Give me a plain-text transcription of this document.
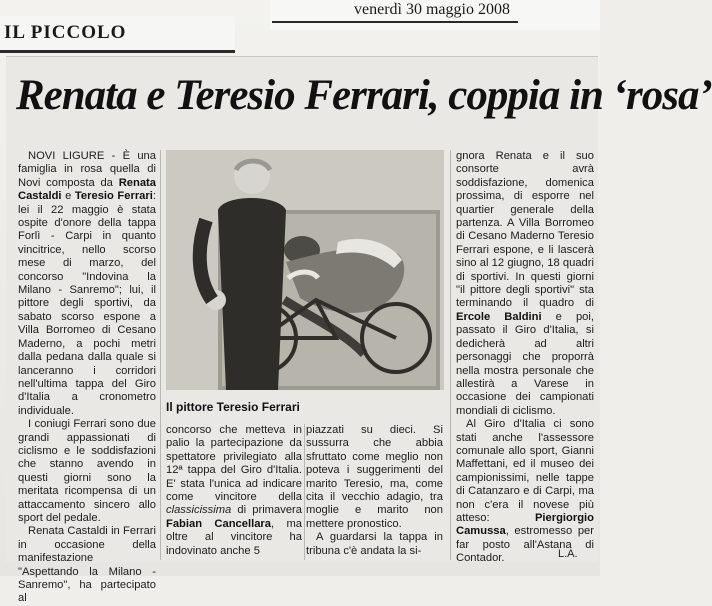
IL PICCOLO
venerdì 30 maggio 2008
Renata e Teresio Ferrari, coppia in ‘rosa’

NOVI LIGURE - È una famiglia in rosa quella di Novi composta da Renata Castaldi e Teresio Ferrari: lei il 22 maggio è stata ospite d'onore della tappa Forlì - Carpi in quanto vincitrice, nello scorso mese di marzo, del concorso "Indovina la Milano - Sanremo"; lui, il pittore degli sportivi, da sabato scorso espone a Villa Borromeo di Cesano Maderno, a pochi metri dalla pedana dalla quale si lanceranno i corridori nell'ultima tappa del Giro d'Italia a cronometro individuale.

I coniugi Ferrari sono due grandi appassionati di ciclismo e le soddisfazioni che stanno avendo in questi giorni sono la meritata ricompensa di un attaccamento sincero allo sport del pedale.

Renata Castaldi in Ferrari in occasione della manifestazione "Aspettando la Milano - Sanremo", ha partecipato al

Il pittore Teresio Ferrari

concorso che metteva in palio la partecipazione da spettatore privilegiato alla 12ª tappa del Giro d'Italia. E' stata l'unica ad indicare come vincitore della classicissima di primavera Fabian Cancellara, ma oltre al vincitore ha indovinato anche 5

piazzati su dieci. Si sussurra che abbia sfruttato come meglio non poteva i suggerimenti del marito Teresio, ma, come cita il vecchio adagio, tra moglie e marito non mettere pronostico.

A guardarsi la tappa in tribuna c'è andata la si-

gnora Renata e il suo consorte avrà soddisfazione, domenica prossima, di esporre nel quartier generale della partenza. A Villa Borromeo di Cesano Maderno Teresio Ferrari espone, e li lascerà sino al 12 giugno, 18 quadri di sportivi. In questi giorni "il pittore degli sportivi" sta terminando il quadro di Ercole Baldini e poi, passato il Giro d'Italia, si dedicherà ad altri personaggi che proporrà nella mostra personale che allestirà a Varese in occasione dei campionati mondiali di ciclismo.

Al Giro d'Italia ci sono stati anche l'assessore comunale allo sport, Gianni Maffettani, ed il museo dei campionissimi, nelle tappe di Catanzaro e di Carpi, ma non c'era il novese più atteso: Piergiorgio Camussa, estromesso per far posto all'Astana di Contador.	L.A.
